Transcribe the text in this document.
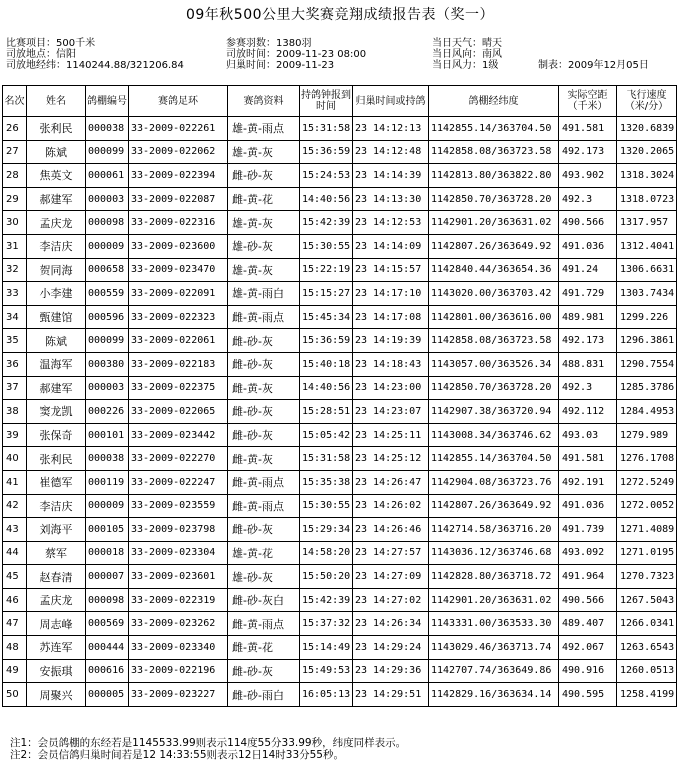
09年秋500公里大奖赛竞翔成绩报告表（奖一）
比赛项目：500千米
司放地点：信阳
司放地经纬：1140244.88/321206.84
参赛羽数：1380羽
司放时间：2009-11-23 08:00
归巢时间：2009-11-23
当日天气：晴天
当日风向：南风
当日风力：1级	制表：2009年12月05日
名次	姓名	鸽棚编号	赛鸽足环	赛鸽资料	持鸽钟报到时间	归巢时间或持鸽	鸽棚经纬度	实际空距（千米）	飞行速度（米/分）
26	张利民	000038	33-2009-022261	雄-黄-雨点	15:31:58	23 14:12:13	1142855.14/363704.50	491.581	1320.6839
27	陈斌	000099	33-2009-022062	雄-黄-灰	15:36:59	23 14:12:48	1142858.08/363723.58	492.173	1320.2065
28	焦英文	000061	33-2009-022394	雌-砂-灰	15:24:53	23 14:14:39	1142813.80/363822.80	493.902	1318.3024
29	郝建军	000003	33-2009-022087	雌-黄-花	14:40:56	23 14:13:30	1142850.70/363728.20	492.3	1318.0723
30	孟庆龙	000098	33-2009-022316	雄-黄-灰	15:42:39	23 14:12:53	1142901.20/363631.02	490.566	1317.957
31	李洁庆	000009	33-2009-023600	雄-砂-灰	15:30:55	23 14:14:09	1142807.26/363649.92	491.036	1312.4041
32	贺同海	000658	33-2009-023470	雄-黄-灰	15:22:19	23 14:15:57	1142840.44/363654.36	491.24	1306.6631
33	小李建	000559	33-2009-022091	雄-黄-雨白	15:15:27	23 14:17:10	1143020.00/363703.42	491.729	1303.7434
34	甄建馆	000596	33-2009-022323	雌-黄-雨点	15:45:34	23 14:17:08	1142801.00/363616.00	489.981	1299.226
35	陈斌	000099	33-2009-022061	雌-砂-灰	15:36:59	23 14:19:39	1142858.08/363723.58	492.173	1296.3861
36	温海军	000380	33-2009-022183	雌-砂-灰	15:40:18	23 14:18:43	1143057.00/363526.34	488.831	1290.7554
37	郝建军	000003	33-2009-022375	雌-黄-灰	14:40:56	23 14:23:00	1142850.70/363728.20	492.3	1285.3786
38	窦龙凯	000226	33-2009-022065	雌-砂-灰	15:28:51	23 14:23:07	1142907.38/363720.94	492.112	1284.4953
39	张保奇	000101	33-2009-023442	雌-砂-灰	15:05:42	23 14:25:11	1143008.34/363746.62	493.03	1279.989
40	张利民	000038	33-2009-022270	雌-黄-灰	15:31:58	23 14:25:12	1142855.14/363704.50	491.581	1276.1708
41	崔德军	000119	33-2009-022247	雌-黄-雨点	15:35:38	23 14:26:47	1142904.08/363723.76	492.191	1272.5249
42	李洁庆	000009	33-2009-023559	雌-黄-雨点	15:30:55	23 14:26:02	1142807.26/363649.92	491.036	1272.0052
43	刘海平	000105	33-2009-023798	雌-砂-灰	15:29:34	23 14:26:46	1142714.58/363716.20	491.739	1271.4089
44	蔡军	000018	33-2009-023304	雄-黄-花	14:58:20	23 14:27:57	1143036.12/363746.68	493.092	1271.0195
45	赵春清	000007	33-2009-023601	雄-砂-灰	15:50:20	23 14:27:09	1142828.80/363718.72	491.964	1270.7323
46	孟庆龙	000098	33-2009-022319	雌-砂-灰白	15:42:39	23 14:27:02	1142901.20/363631.02	490.566	1267.5043
47	周志峰	000569	33-2009-023262	雌-黄-雨点	15:37:32	23 14:26:34	1143331.00/363533.30	489.407	1266.0341
48	苏连军	000444	33-2009-023340	雌-黄-花	15:14:49	23 14:29:24	1143029.46/363713.74	492.067	1263.6543
49	安振琪	000616	33-2009-022196	雌-砂-灰	15:49:53	23 14:29:36	1142707.74/363649.86	490.916	1260.0513
50	周聚兴	000005	33-2009-023227	雌-砂-雨白	16:05:13	23 14:29:51	1142829.16/363634.14	490.595	1258.4199
注1：会员鸽棚的东经若是1145533.99则表示114度55分33.99秒，纬度同样表示。
注2：会员信鸽归巢时间若是12 14:33:55则表示12日14时33分55秒。
